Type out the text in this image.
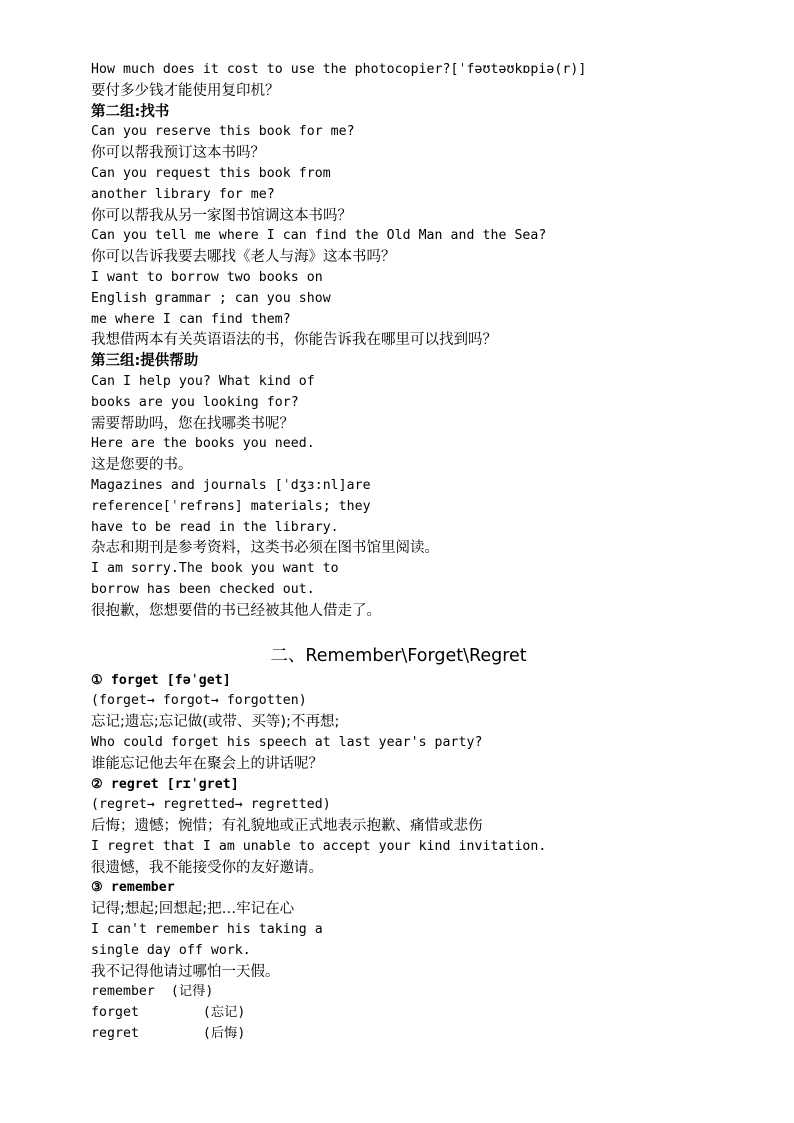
How much does it cost to use the photocopier?[ˈfəʊtəʊkɒpiə(r)]
要付多少钱才能使用复印机？
第二组:找书
Can you reserve this book for me?
你可以帮我预订这本书吗？
Can you request this book from
another library for me?
你可以帮我从另一家图书馆调这本书吗？
Can you tell me where I can find the Old Man and the Sea?
你可以告诉我要去哪找《老人与海》这本书吗？
I want to borrow two books on
English grammar ; can you show
me where I can find them?
我想借两本有关英语语法的书，你能告诉我在哪里可以找到吗？
第三组:提供帮助
Can I help you? What kind of
books are you looking for?
需要帮助吗，您在找哪类书呢？
Here are the books you need.
这是您要的书。
Magazines and journals [ˈdʒɜ:nl]are
reference[ˈrefrəns] materials; they
have to be read in the library.
杂志和期刊是参考资料，这类书必须在图书馆里阅读。
I am sorry.The book you want to
borrow has been checked out.
很抱歉，您想要借的书已经被其他人借走了。
二、Remember\Forget\Regret
① forget [fəˈget]
(forget→ forgot→ forgotten)
忘记;遗忘;忘记做(或带、买等);不再想;
Who could forget his speech at last year's party?
谁能忘记他去年在聚会上的讲话呢？
② regret [rɪˈgret]
(regret→ regretted→ regretted)
后悔；遗憾；惋惜；有礼貌地或正式地表示抱歉、痛惜或悲伤
I regret that I am unable to accept your kind invitation.
很遗憾，我不能接受你的友好邀请。
③ remember
记得;想起;回想起;把…牢记在心
I can't remember his taking a
single day off work.
我不记得他请过哪怕一天假。
remember  (记得)
forget        (忘记)
regret        (后悔)
